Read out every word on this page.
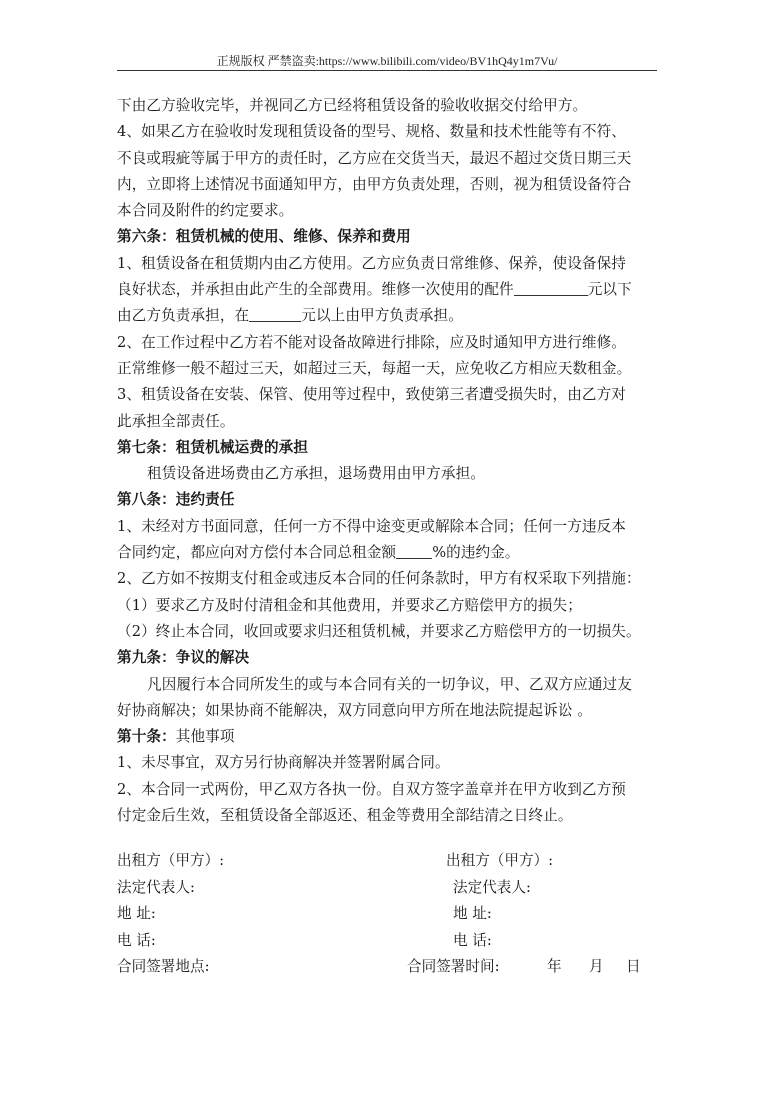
正规版权 严禁盗卖:https://www.bilibili.com/video/BV1hQ4y1m7Vu/
下由乙方验收完毕，并视同乙方已经将租赁设备的验收收据交付给甲方。
4、如果乙方在验收时发现租赁设备的型号、规格、数量和技术性能等有不符、
不良或瑕疵等属于甲方的责任时，乙方应在交货当天，最迟不超过交货日期三天
内，立即将上述情况书面通知甲方，由甲方负责处理，否则，视为租赁设备符合
本合同及附件的约定要求。
第六条：租赁机械的使用、维修、保养和费用
1、租赁设备在租赁期内由乙方使用。乙方应负责日常维修、保养，使设备保持
良好状态，并承担由此产生的全部费用。维修一次使用的配件	元以下
由乙方负责承担，在	元以上由甲方负责承担。
2、在工作过程中乙方若不能对设备故障进行排除，应及时通知甲方进行维修。
正常维修一般不超过三天，如超过三天，每超一天，应免收乙方相应天数租金。
3、租赁设备在安装、保管、使用等过程中，致使第三者遭受损失时，由乙方对
此承担全部责任。
第七条：租赁机械运费的承担
租赁设备进场费由乙方承担，退场费用由甲方承担。
第八条：违约责任
1、未经对方书面同意，任何一方不得中途变更或解除本合同；任何一方违反本
合同约定，都应向对方偿付本合同总租金额 %的违约金。
2、乙方如不按期支付租金或违反本合同的任何条款时，甲方有权采取下列措施：
（1）要求乙方及时付清租金和其他费用，并要求乙方赔偿甲方的损失；
（2）终止本合同，收回或要求归还租赁机械，并要求乙方赔偿甲方的一切损失。
第九条：争议的解决
凡因履行本合同所发生的或与本合同有关的一切争议，甲、乙双方应通过友
好协商解决；如果协商不能解决，双方同意向甲方所在地法院提起诉讼 。
第十条：其他事项
1、未尽事宜，双方另行协商解决并签署附属合同。
2、本合同一式两份，甲乙双方各执一份。自双方签字盖章并在甲方收到乙方预
付定金后生效，至租赁设备全部返还、租金等费用全部结清之日终止。
出租方（甲方）:	出租方（甲方）:
法定代表人:	法定代表人:
地 址:	地 址:
电 话:	电 话:
合同签署地点:	合同签署时间:	年 月 日
